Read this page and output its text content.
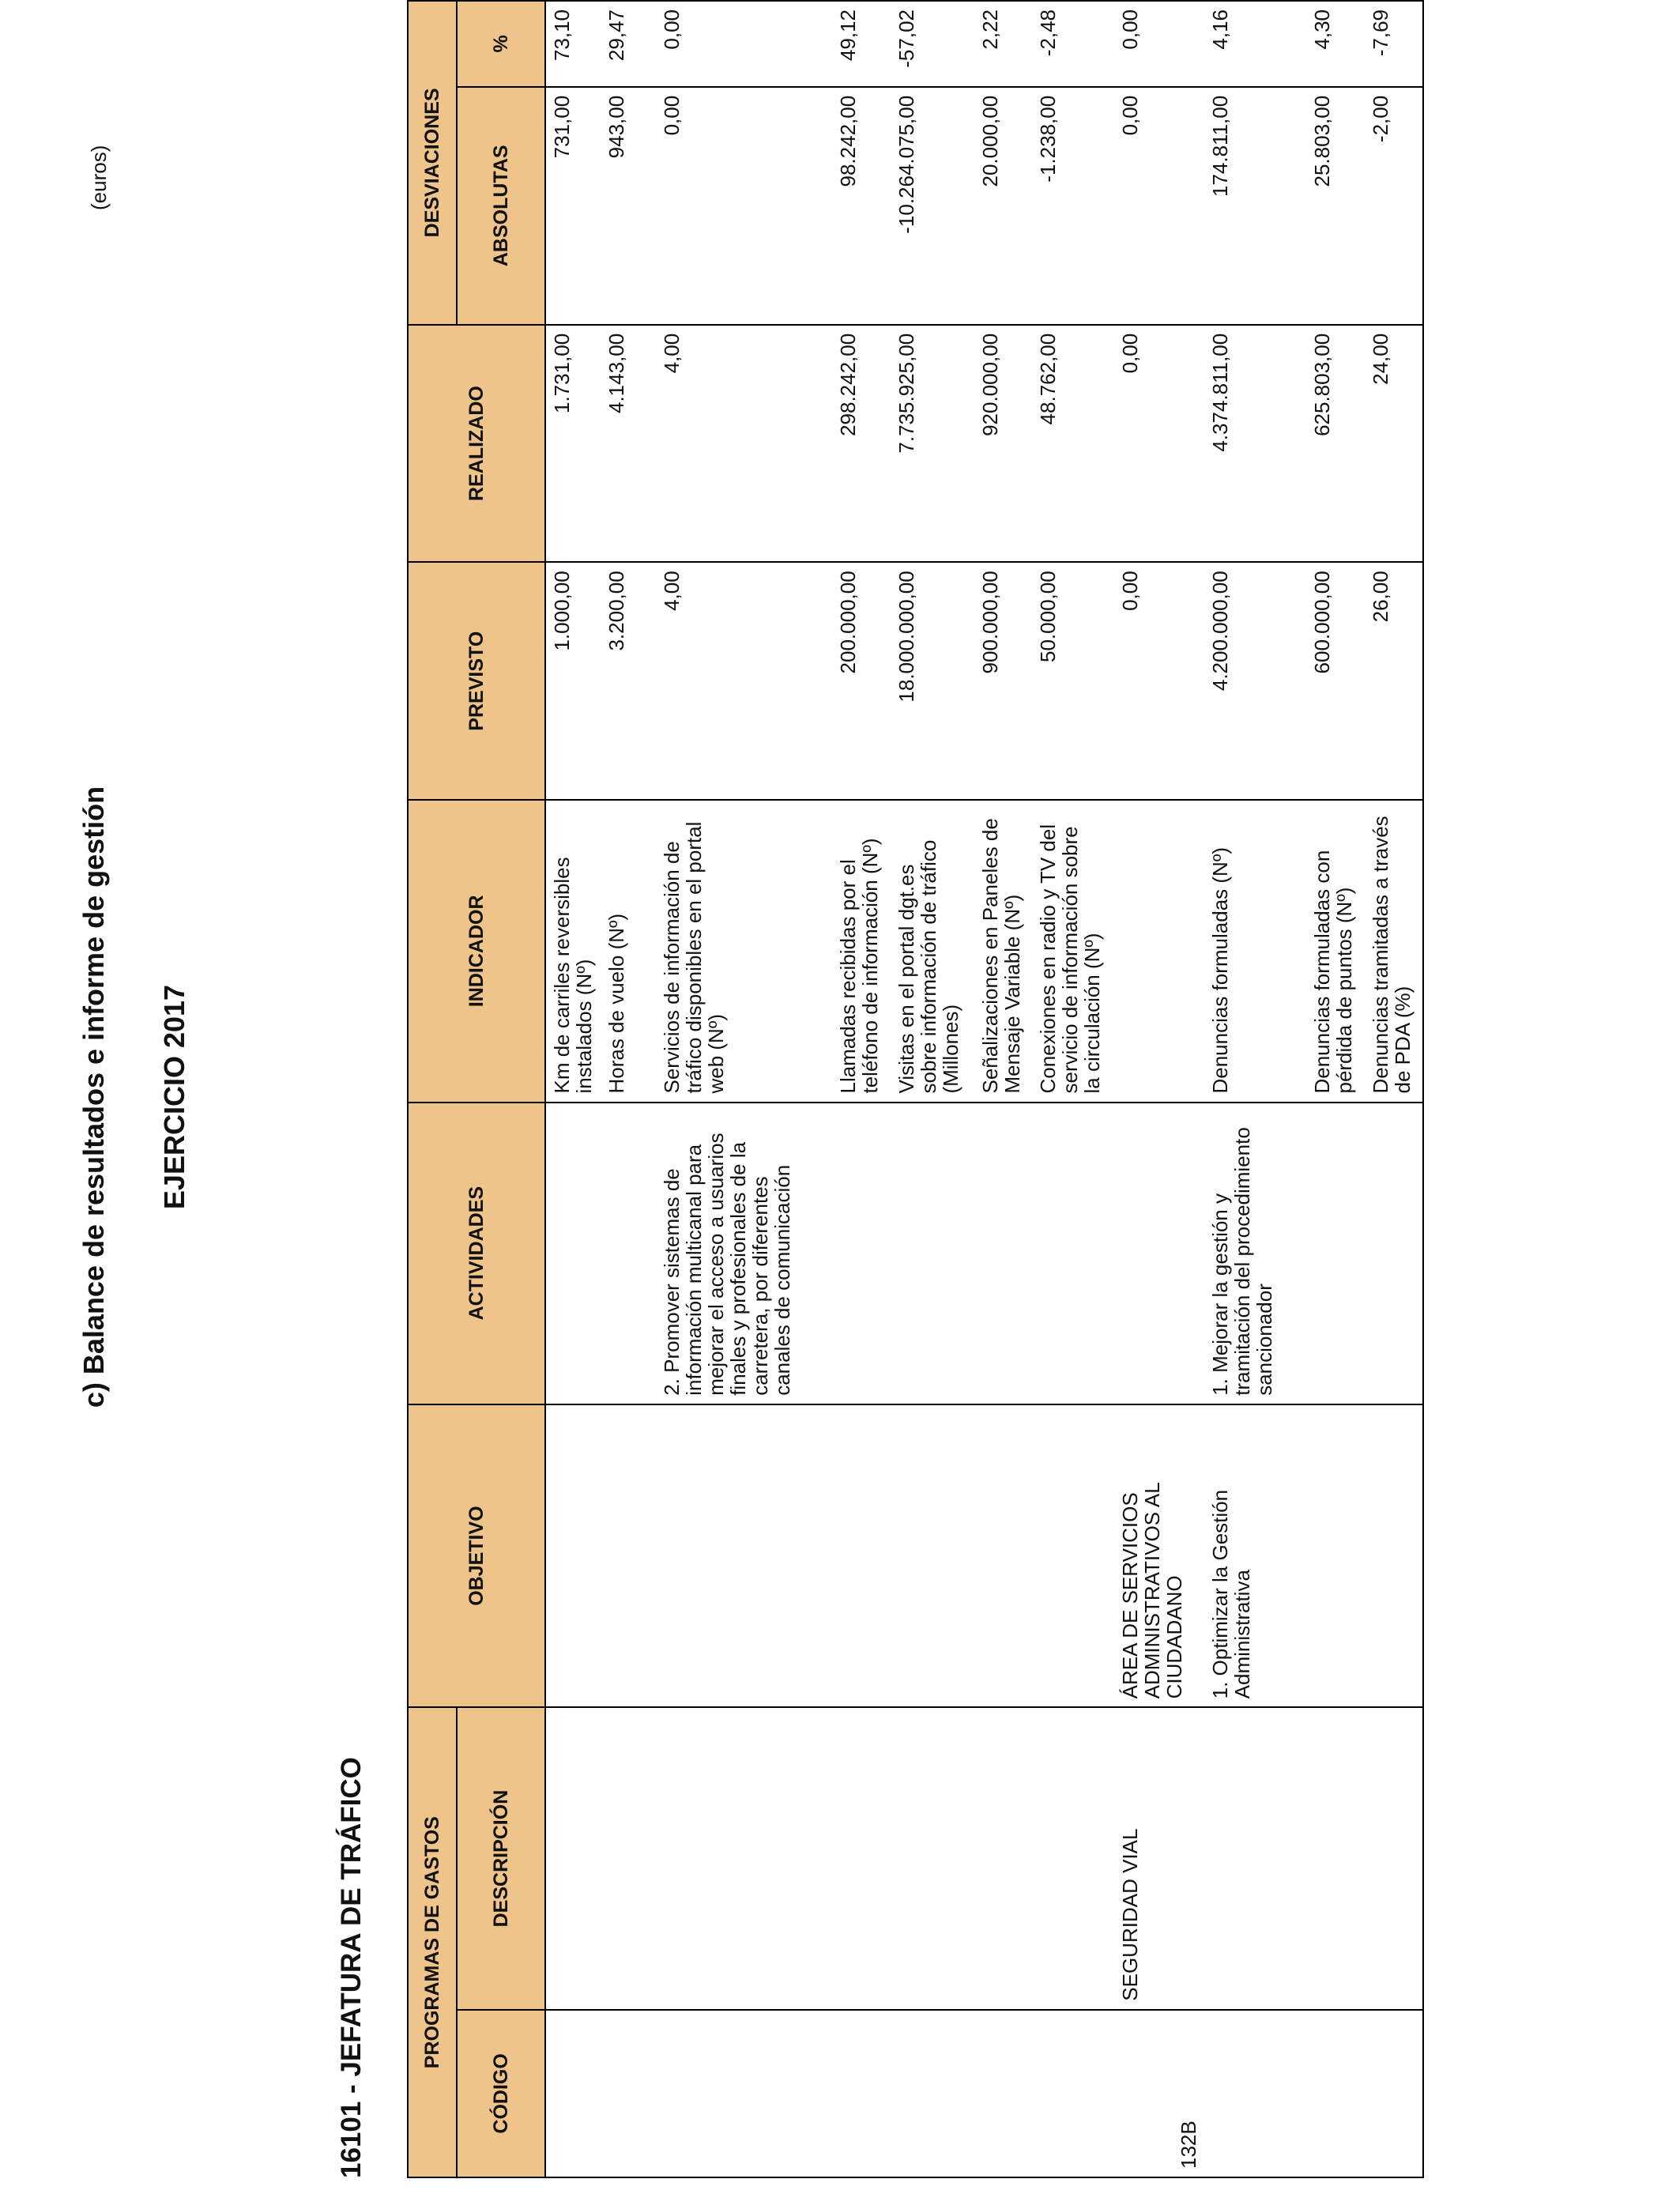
c) Balance de resultados e informe de gestión EJERCICIO 2017
16101 - JEFATURA DE TRÁFICO
(euros)
PROGRAMAS DE GASTOS		OBJETIVO	ACTIVIDADES	INDICADOR	PREVISTO	REALIZADO	DESVIACIONES	
CÓDIGO	DESCRIPCIÓN						ABSOLUTAS	%
				Km de carriles reversibles instalados (Nº)	1.000,00	1.731,00	731,00	73,10
				Horas de vuelo (Nº)	3.200,00	4.143,00	943,00	29,47
			2. Promover sistemas de información multicanal para mejorar el acceso a usuarios finales y profesionales de la carretera, por diferentes canales de comunicación	Servicios de información de tráfico disponibles en el portal web (Nº)	4,00	4,00	0,00	0,00
				Llamadas recibidas por el teléfono de información (Nº)	200.000,00	298.242,00	98.242,00	49,12
				Visitas en el portal dgt.es sobre información de tráfico (Millones)	18.000.000,00	7.735.925,00	-10.264.075,00	-57,02
				Señalizaciones en Paneles de Mensaje Variable (Nº)	900.000,00	920.000,00	20.000,00	2,22
				Conexiones en radio y TV del servicio de información sobre la circulación (Nº)	50.000,00	48.762,00	-1.238,00	-2,48
132B	SEGURIDAD VIAL	ÁREA DE SERVICIOS ADMINISTRATIVOS AL CIUDADANO			0,00	0,00	0,00	0,00
		1. Optimizar la Gestión Administrativa	1. Mejorar la gestión y tramitación del procedimiento sancionador	Denuncias formuladas (Nº)	4.200.000,00	4.374.811,00	174.811,00	4,16
				Denuncias formuladas con pérdida de puntos (Nº)	600.000,00	625.803,00	25.803,00	4,30
				Denuncias tramitadas a través de PDA (%)	26,00	24,00	-2,00	-7,69
